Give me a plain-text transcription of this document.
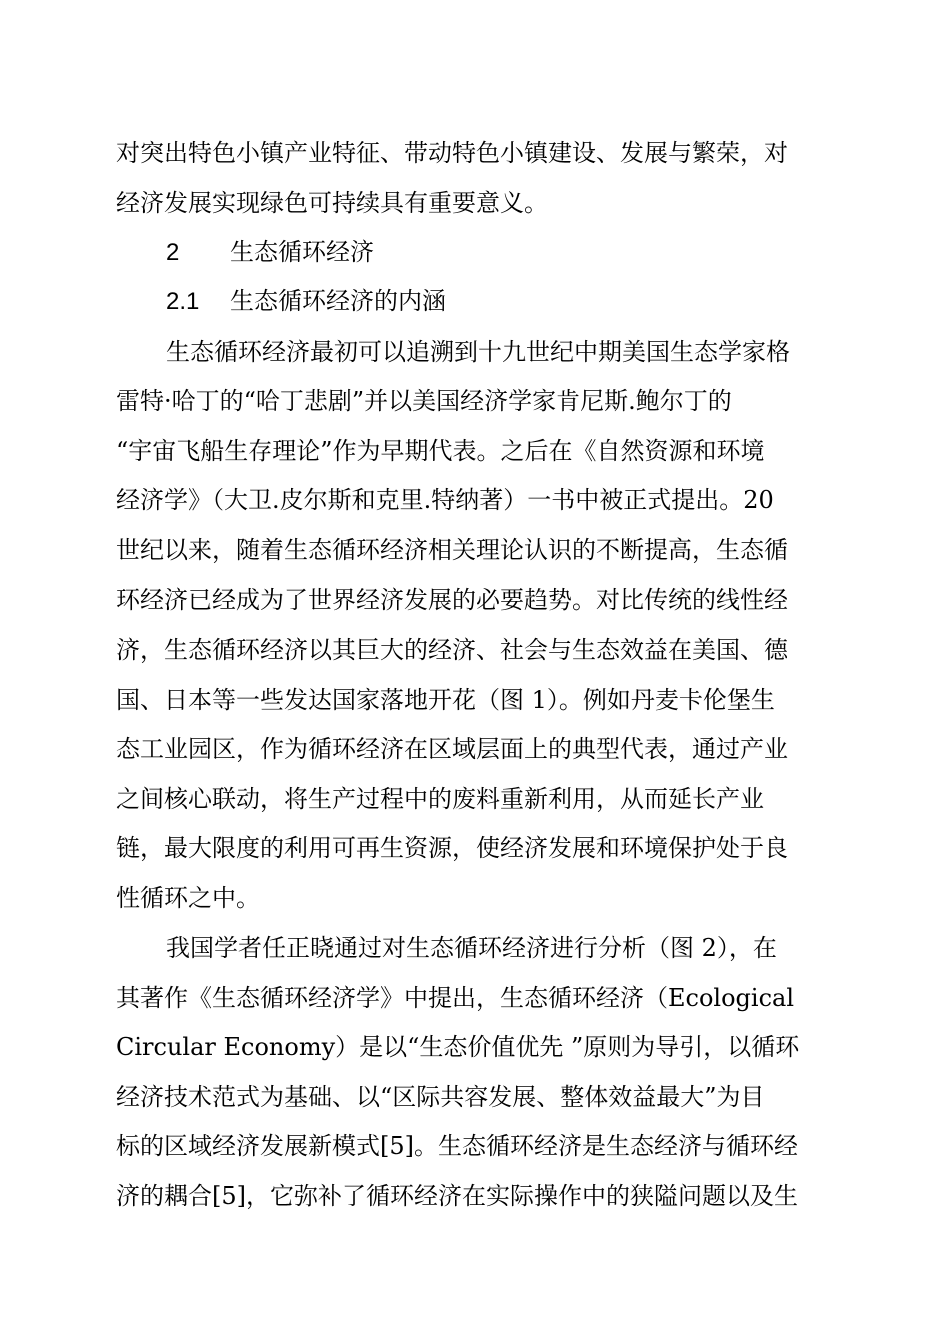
对突出特色小镇产业特征、带动特色小镇建设、发展与繁荣，对
经济发展实现绿色可持续具有重要意义。
2 生态循环经济
2.1 生态循环经济的内涵
生态循环经济最初可以追溯到十九世纪中期美国生态学家格
雷特·哈丁的“哈丁悲剧”并以美国经济学家肯尼斯.鲍尔丁的
“宇宙飞船生存理论”作为早期代表。之后在《自然资源和环境
经济学》（大卫.皮尔斯和克里.特纳著）一书中被正式提出。20
世纪以来，随着生态循环经济相关理论认识的不断提高，生态循
环经济已经成为了世界经济发展的必要趋势。对比传统的线性经
济，生态循环经济以其巨大的经济、社会与生态效益在美国、德
国、日本等一些发达国家落地开花（图 1）。例如丹麦卡伦堡生
态工业园区，作为循环经济在区域层面上的典型代表，通过产业
之间核心联动，将生产过程中的废料重新利用，从而延长产业
链，最大限度的利用可再生资源，使经济发展和环境保护处于良
性循环之中。
我国学者任正晓通过对生态循环经济进行分析（图 2），在
其著作《生态循环经济学》中提出，生态循环经济（Ecological
Circular Economy）是以“生态价值优先 ”原则为导引，以循环
经济技术范式为基础、以“区际共容发展、整体效益最大”为目
标的区域经济发展新模式[5]。生态循环经济是生态经济与循环经
济的耦合[5]，它弥补了循环经济在实际操作中的狭隘问题以及生
